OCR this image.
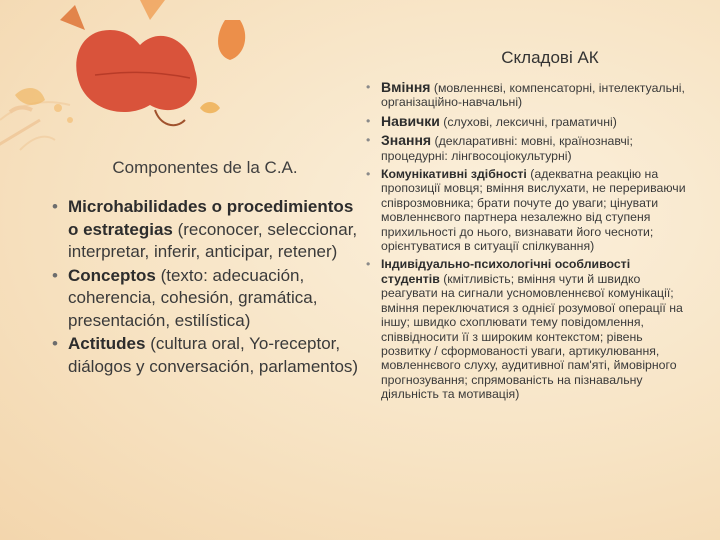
Componentes de la C.A.
• Microhabilidades o procedimientos o estrategias (reconocer, seleccionar, interpretar, inferir, anticipar, retener)
• Conceptos (texto: adecuación, coherencia, cohesión, gramática, presentación, estilística)
• Actitudes (cultura oral, Yo-receptor, diálogos y conversación, parlamentos)
Складові АК
• Вміння (мовленнєві, компенсаторні, інтелектуальні, організаційно-навчальні)
• Навички (слухові, лексичні, граматичні)
• Знання (декларативні: мовні, країнознавчі; процедурні: лінгвосоціокультурні)
• Комунікативні здібності (адекватна реакцію на пропозиції мовця; вміння вислухати, не перериваючи співрозмовника; брати почуте до уваги; цінувати мовленнєвого партнера незалежно від ступеня прихильності до нього, визнавати його чесноти; орієнтуватися в ситуації спілкування)
• Індивідуально-психологічні особливості студентів (кмітливість; вміння чути й швидко реагувати на сигнали усномовленнєвої комунікації; вміння переключатися з однієї розумової операції на іншу; швидко схоплювати тему повідомлення, співвідносити її з широким контекстом; рівень розвитку / сформованості уваги, артикулювання, мовленнєвого слуху, аудитивної пам'яті, ймовірного прогнозування; спрямованість на пізнавальну діяльність та мотивація)
